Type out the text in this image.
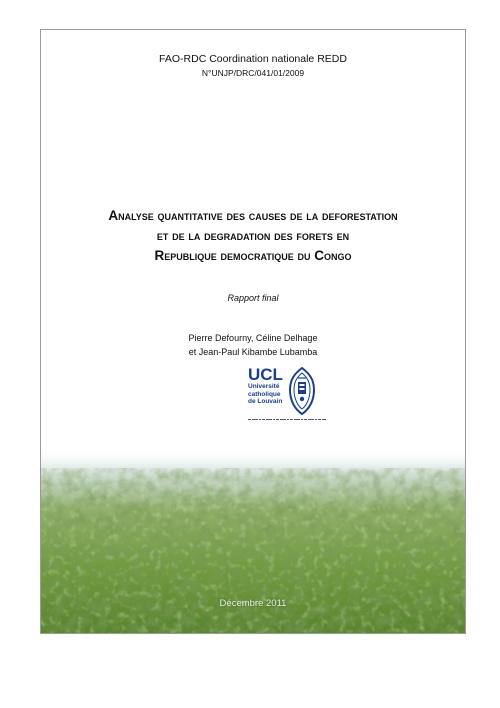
FAO-RDC Coordination nationale REDD
N°UNJP/DRC/041/01/2009
Analyse quantitative des causes de la deforestation
et de la degradation des forets en
Republique democratique du Congo
Rapport final
Pierre Defourny, Céline Delhage
et Jean-Paul Kibambe Lubamba
UCL
Université
catholique
de Louvain
Décembre 2011
